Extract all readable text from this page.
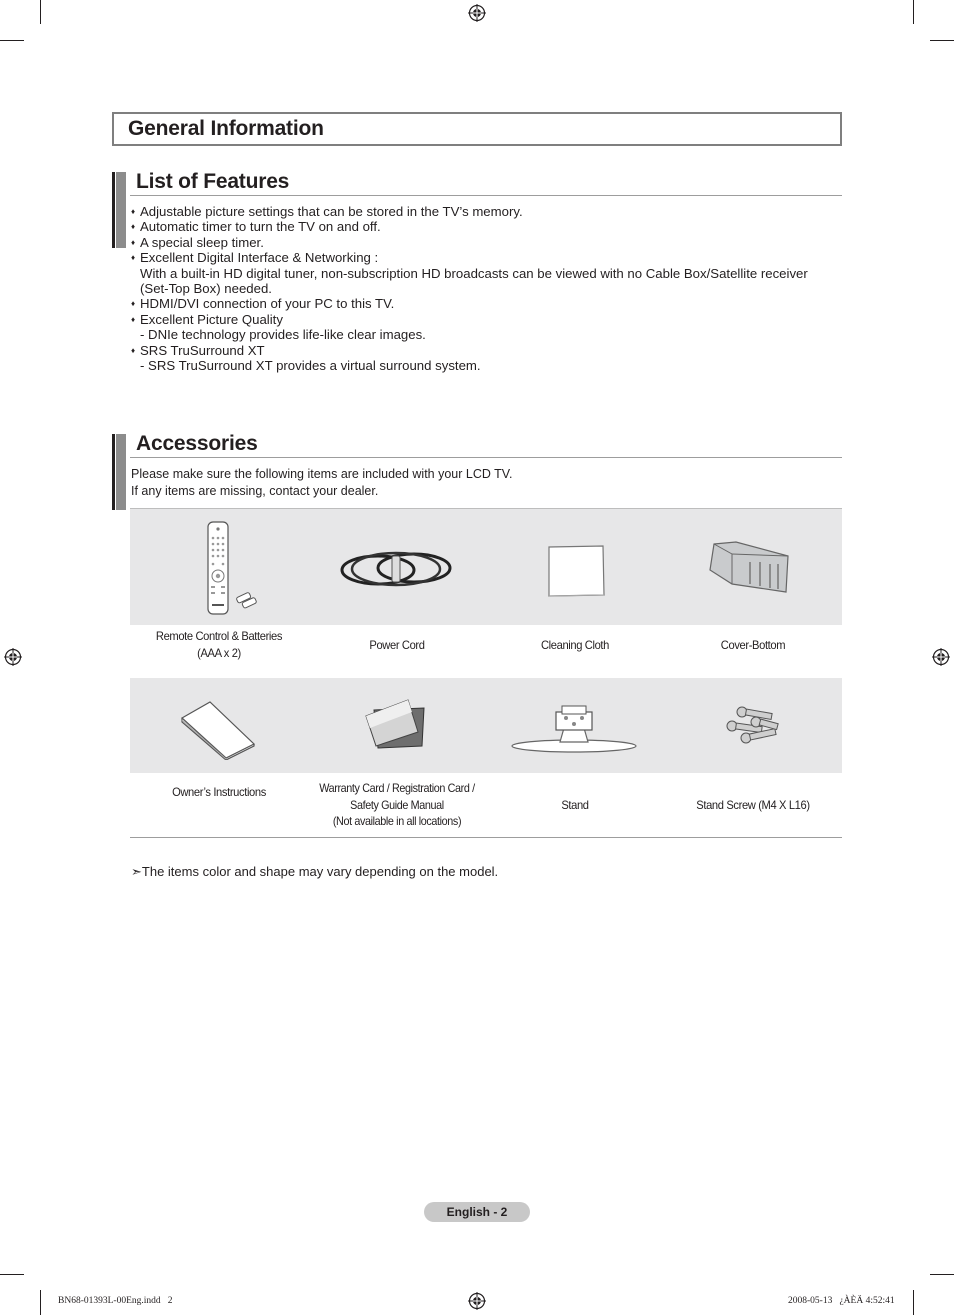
General Information
List of Features
♦ Adjustable picture settings that can be stored in the TV’s memory.
♦ Automatic timer to turn the TV on and off.
♦ A special sleep timer.
♦ Excellent Digital Interface & Networking :
With a built-in HD digital tuner, non-subscription HD broadcasts can be viewed with no Cable Box/Satellite receiver
(Set-Top Box) needed.
♦ HDMI/DVI connection of your PC to this TV.
♦ Excellent Picture Quality
- DNIe technology provides life-like clear images.
♦ SRS TruSurround XT
- SRS TruSurround XT provides a virtual surround system.
Accessories
Please make sure the following items are included with your LCD TV.
If any items are missing, contact your dealer.
Remote Control & Batteries
(AAA x 2)
Power Cord	Cleaning Cloth	Cover-Bottom
Owner’s Instructions	Warranty Card / Registration Card /
Safety Guide Manual
(Not available in all locations)
Stand	Stand Screw (M4 X L16)
➣The items color and shape may vary depending on the model.
English - 2
BN68-01393L-00Eng.indd   2	2008-05-13   ¿ÀÈÄ 4:52:41
